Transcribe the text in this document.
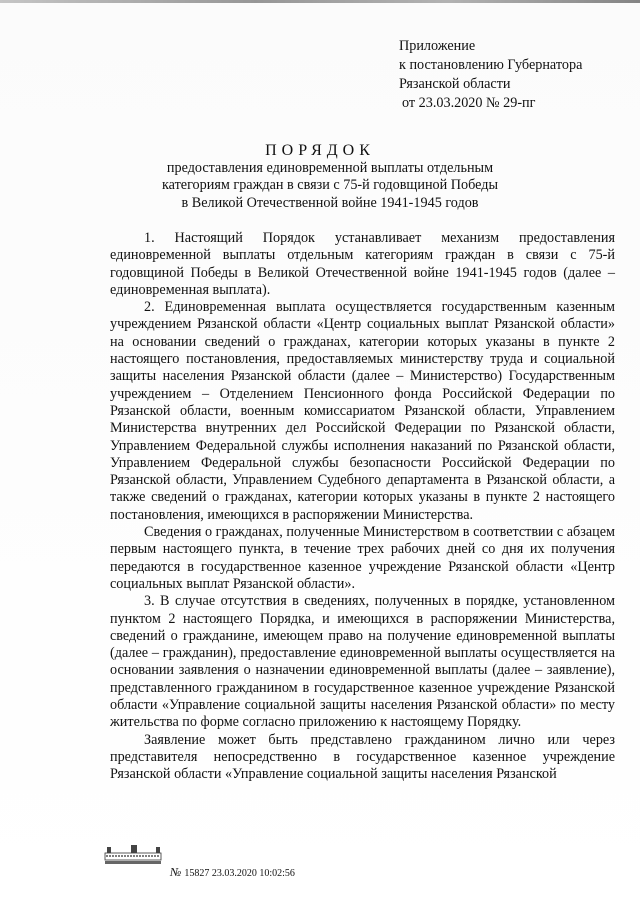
Приложение
к постановлению Губернатора
Рязанской области
от 23.03.2020 № 29-пг
ПОРЯДОК
предоставления единовременной выплаты отдельным
категориям граждан в связи с 75-й годовщиной Победы
в Великой Отечественной войне 1941-1945 годов

1. Настоящий Порядок устанавливает механизм предоставления единовременной выплаты отдельным категориям граждан в связи с 75-й годовщиной Победы в Великой Отечественной войне 1941-1945 годов (далее – единовременная выплата).

2. Единовременная выплата осуществляется государственным казенным учреждением Рязанской области «Центр социальных выплат Рязанской области» на основании сведений о гражданах, категории которых указаны в пункте 2 настоящего постановления, предоставляемых министерству труда и социальной защиты населения Рязанской области (далее – Министерство) Государственным учреждением – Отделением Пенсионного фонда Российской Федерации по Рязанской области, военным комиссариатом Рязанской области, Управлением Министерства внутренних дел Российской Федерации по Рязанской области, Управлением Федеральной службы исполнения наказаний по Рязанской области, Управлением Федеральной службы безопасности Российской Федерации по Рязанской области, Управлением Судебного департамента в Рязанской области, а также сведений о гражданах, категории которых указаны в пункте 2 настоящего постановления, имеющихся в распоряжении Министерства.

Сведения о гражданах, полученные Министерством в соответствии с абзацем первым настоящего пункта, в течение трех рабочих дней со дня их получения передаются в государственное казенное учреждение Рязанской области «Центр социальных выплат Рязанской области».

3. В случае отсутствия в сведениях, полученных в порядке, установленном пунктом 2 настоящего Порядка, и имеющихся в распоряжении Министерства, сведений о гражданине, имеющем право на получение единовременной выплаты (далее – гражданин), предоставление единовременной выплаты осуществляется на основании заявления о назначении единовременной выплаты (далее – заявление), представленного гражданином в государственное казенное учреждение Рязанской области «Управление социальной защиты населения Рязанской области» по месту жительства по форме согласно приложению к настоящему Порядку.

Заявление может быть представлено гражданином лично или через представителя непосредственно в государственное казенное учреждение Рязанской области «Управление социальной защиты населения Рязанской

№ 15827 23.03.2020 10:02:56
